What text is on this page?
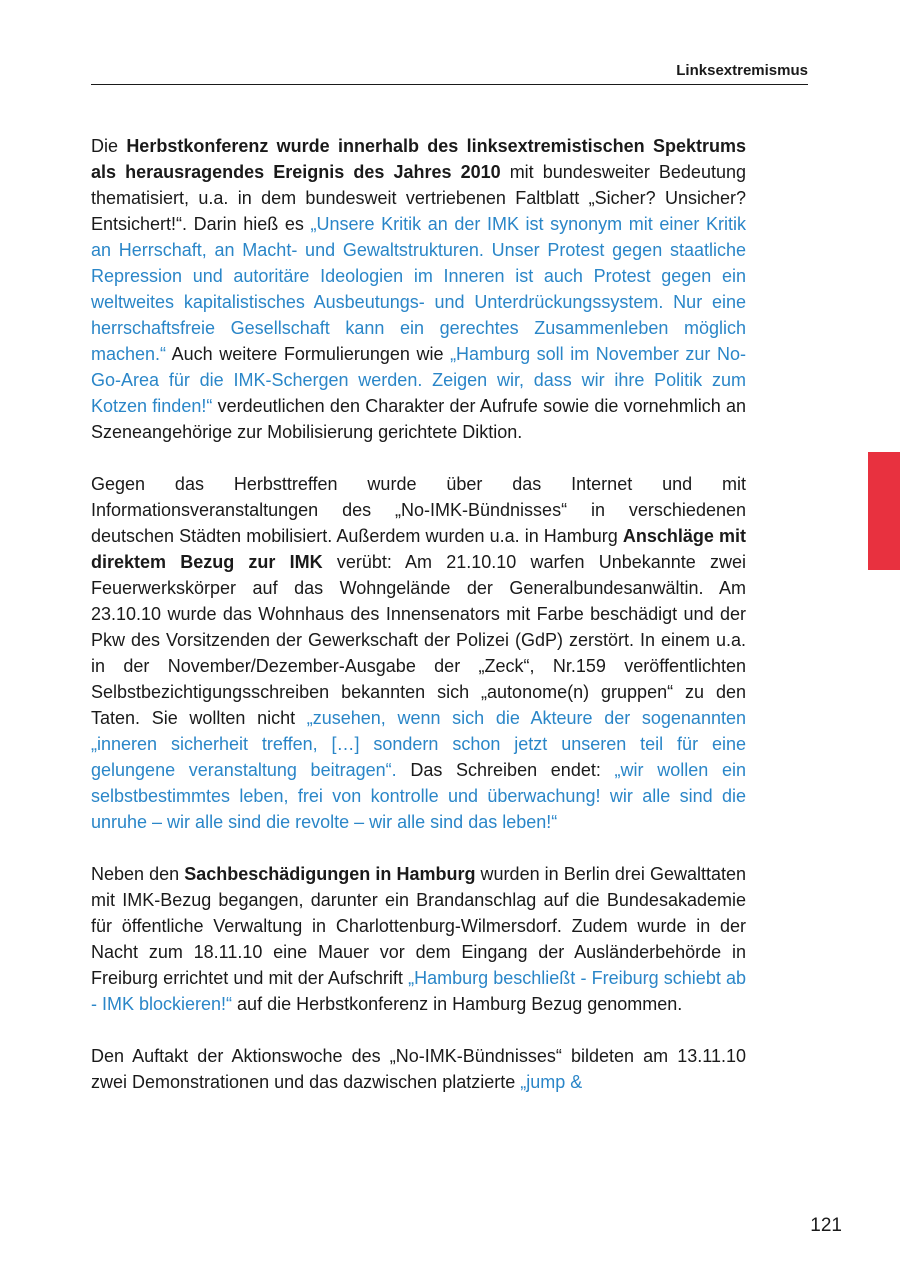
Linksextremismus

Die Herbstkonferenz wurde innerhalb des linksextremistischen Spektrums als herausragendes Ereignis des Jahres 2010 mit bundesweiter Bedeutung thematisiert, u.a. in dem bundesweit vertriebenen Faltblatt „Sicher? Unsicher? Entsichert!“. Darin hieß es „Unsere Kritik an der IMK ist synonym mit einer Kritik an Herrschaft, an Macht- und Gewaltstrukturen. Unser Protest gegen staatliche Repression und autoritäre Ideologien im Inneren ist auch Protest gegen ein weltweites kapitalistisches Ausbeutungs- und Unterdrückungssystem. Nur eine herrschaftsfreie Gesellschaft kann ein gerechtes Zusammenleben möglich machen.“ Auch weitere Formulierungen wie „Hamburg soll im November zur No-Go-Area für die IMK-Schergen werden. Zeigen wir, dass wir ihre Politik zum Kotzen finden!“ verdeutlichen den Charakter der Aufrufe sowie die vornehmlich an Szeneangehörige zur Mobilisierung gerichtete Diktion.

Gegen das Herbsttreffen wurde über das Internet und mit Informationsveranstaltungen des „No-IMK-Bündnisses“ in verschiedenen deutschen Städten mobilisiert. Außerdem wurden u.a. in Hamburg Anschläge mit direktem Bezug zur IMK verübt: Am 21.10.10 warfen Unbekannte zwei Feuerwerkskörper auf das Wohngelände der Generalbundesanwältin. Am 23.10.10 wurde das Wohnhaus des Innensenators mit Farbe beschädigt und der Pkw des Vorsitzenden der Gewerkschaft der Polizei (GdP) zerstört. In einem u.a. in der November/Dezember-Ausgabe der „Zeck“, Nr.159 veröffentlichten Selbstbezichtigungsschreiben bekannten sich „autonome(n) gruppen“ zu den Taten. Sie wollten nicht „zusehen, wenn sich die Akteure der sogenannten „inneren sicherheit treffen, […] sondern schon jetzt unseren teil für eine gelungene veranstaltung beitragen“. Das Schreiben endet: „wir wollen ein selbstbestimmtes leben, frei von kontrolle und überwachung! wir alle sind die unruhe – wir alle sind die revolte – wir alle sind das leben!“

Neben den Sachbeschädigungen in Hamburg wurden in Berlin drei Gewalttaten mit IMK-Bezug begangen, darunter ein Brandanschlag auf die Bundesakademie für öffentliche Verwaltung in Charlottenburg-Wilmersdorf. Zudem wurde in der Nacht zum 18.11.10 eine Mauer vor dem Eingang der Ausländerbehörde in Freiburg errichtet und mit der Aufschrift „Hamburg beschließt - Freiburg schiebt ab - IMK blockieren!“ auf die Herbstkonferenz in Hamburg Bezug genommen.

Den Auftakt der Aktionswoche des „No-IMK-Bündnisses“ bildeten am 13.11.10 zwei Demonstrationen und das dazwischen platzierte „jump &

121
